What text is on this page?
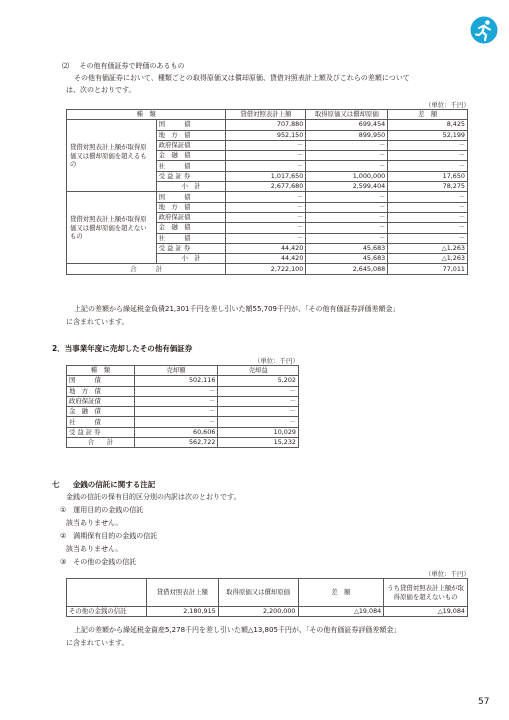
⑵ その他有価証券で時価のあるもの
その他有価証券において、種類ごとの取得原価又は償却原価、貸借対照表計上額及びこれらの差額について
は、次のとおりです。
（単位：千円）
種　類		貸借対照表計上額	取得原価又は償却原価	差　額
貸借対照表計上額が取得原価又は償却原価を超えるもの	国　　　債	707,880	699,454	8,425
	地　方　債	952,150	899,950	52,199
	政府保証債	－	－	－
	金　融　債	－	－	－
	社　　　債	－	－	－
	受益証券	1,017,650	1,000,000	17,650
	小　計	2,677,680	2,599,404	78,275
貸借対照表計上額が取得原価又は償却原価を超えないもの	国　　　債	－	－	－
	地　方　債	－	－	－
	政府保証債	－	－	－
	金　融　債	－	－	－
	社　　　債	－	－	－
	受益証券	44,420	45,683	△1,263
	小　計	44,420	45,683	△1,263
合　　　計		2,722,100	2,645,088	77,011
上記の差額から繰延税金負債21,301千円を差し引いた額55,709千円が、「その他有価証券評価差額金」
に含まれています。
2．当事業年度に売却したその他有価証券
（単位：千円）
種　類	売却額	売却益
国　　　債	502,116	5,202
地　方　債	－	－
政府保証債	－	－
金　融　債	－	－
社　　　債	－	－
受益証券	60,606	10,029
合　　計	562,722	15,232
七 金銭の信託に関する注記
金銭の信託の保有目的区分別の内訳は次のとおりです。
①　運用目的の金銭の信託
該当ありません。
②　満期保有目的の金銭の信託
該当ありません。
③　その他の金銭の信託
（単位：千円）
	貸借対照表計上額	取得原価又は償却原価	差　額	うち貸借対照表計上額が取得原価を超えないもの
その他の金銭の信託	2,180,915	2,200,000	△19,084	△19,084
上記の差額から繰延税金資産5,278千円を差し引いた額△13,805千円が、「その他有価証券評価差額金」
に含まれています。
57
